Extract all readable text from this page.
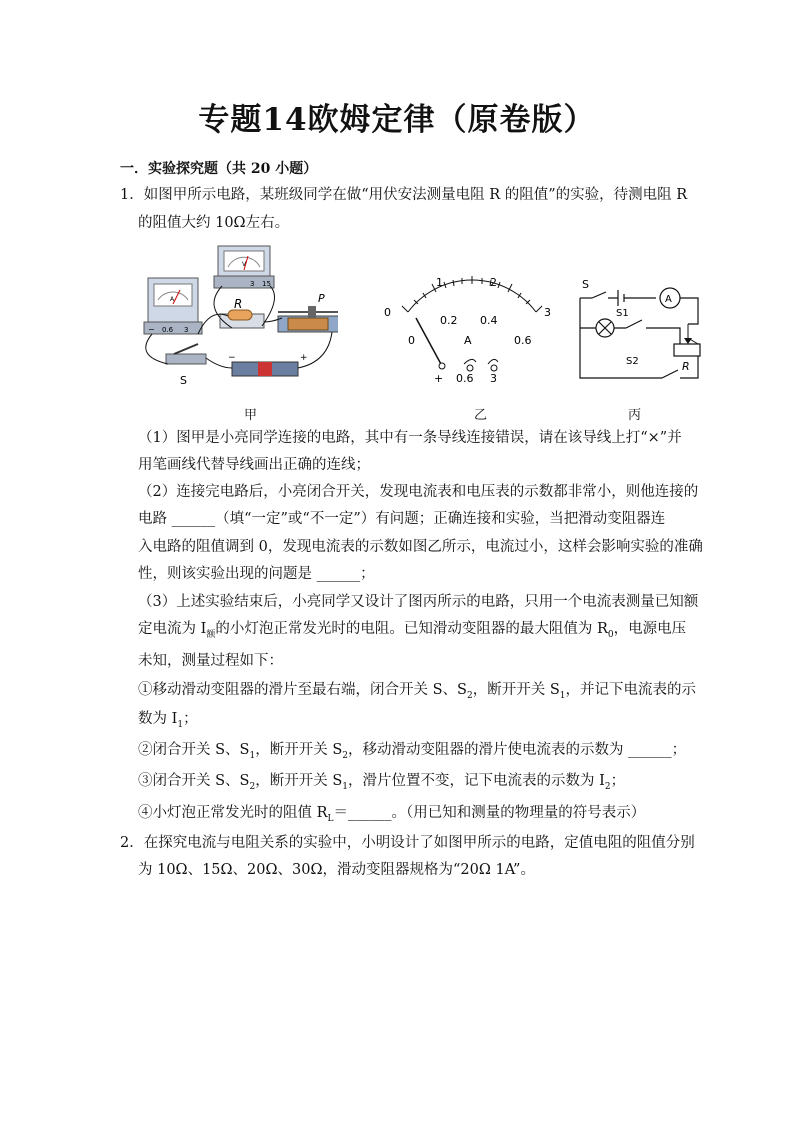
专题14欧姆定律（原卷版）
一．实验探究题（共 20 小题）
1．如图甲所示电路，某班级同学在做“用伏安法测量电阻 R 的阻值”的实验，待测电阻 R
的阻值大约 10Ω左右。
A
− 0.6 3
V
3 15
R	P
S
−	+
0
1	2
3
0
0.2 0.4
0.6
A
+ 0.6 3
S
S1
S2
A
R
甲	乙	丙
（1）图甲是小亮同学连接的电路，其中有一条导线连接错误，请在该导线上打“×”并
用笔画线代替导线画出正确的连线；
（2）连接完电路后，小亮闭合开关，发现电流表和电压表的示数都非常小，则他连接的
电路 ______（填“一定”或“不一定”）有问题；正确连接和实验，当把滑动变阻器连
入电路的阻值调到 0，发现电流表的示数如图乙所示，电流过小，这样会影响实验的准确
性，则该实验出现的问题是 ______；
（3）上述实验结束后，小亮同学又设计了图丙所示的电路，只用一个电流表测量已知额
定电流为 $I_额$的小灯泡正常发光时的电阻。已知滑动变阻器的最大阻值为 $R_0$，电源电压
未知，测量过程如下：
①移动滑动变阻器的滑片至最右端，闭合开关 S、$S_2$，断开开关 $S_1$，并记下电流表的示
数为 $I_1$；
②闭合开关 S、$S_1$，断开开关 $S_2$，移动滑动变阻器的滑片使电流表的示数为 ______；
③闭合开关 S、$S_2$，断开开关 $S_1$，滑片位置不变，记下电流表的示数为 $I_2$；
④小灯泡正常发光时的阻值 $R_L=\_\_\_\_\_\_$。（用已知和测量的物理量的符号表示）
2．在探究电流与电阻关系的实验中，小明设计了如图甲所示的电路，定值电阻的阻值分别
为 10Ω、15Ω、20Ω、30Ω，滑动变阻器规格为“20Ω 1A”。
